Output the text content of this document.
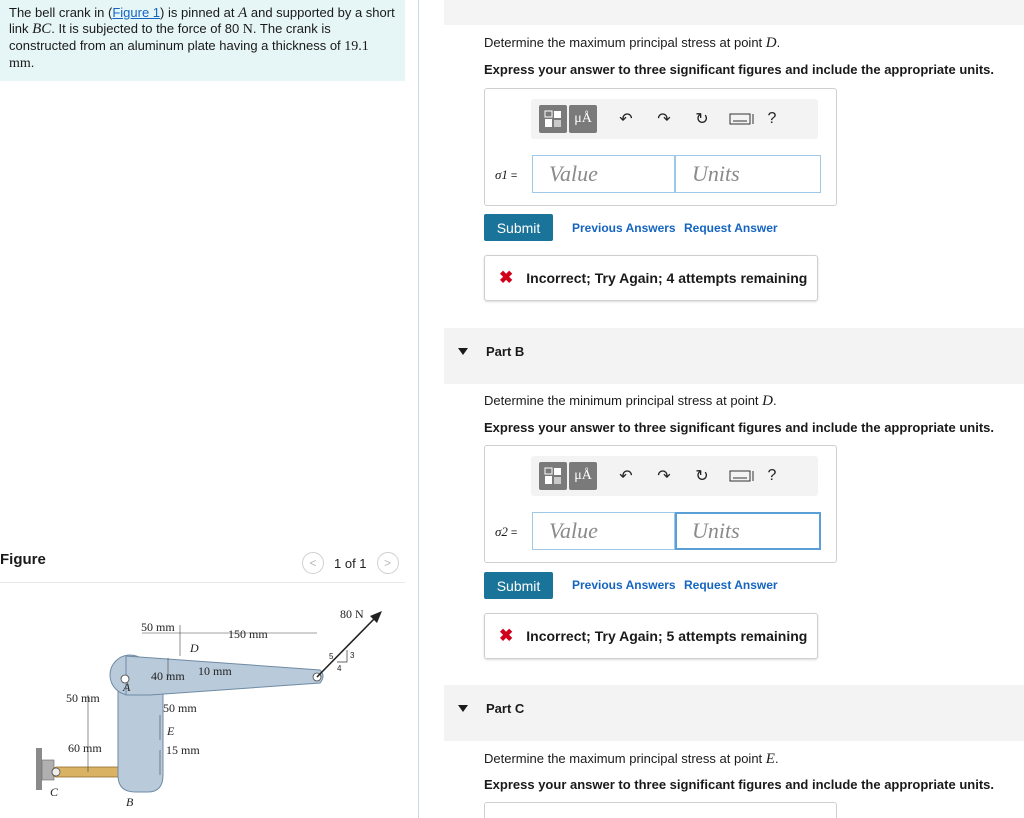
The bell crank in (Figure 1) is pinned at A and supported by a short link BC. It is subjected to the force of 80 N. The crank is constructed from an aluminum plate having a thickness of 19.1 mm.
Figure	<	1 of 1	>
80 N
50 mm	150 mm
D
40 mm 10 mm
A
50 mm
50 mm
E
60 mm	15 mm
C
B
5 3
4
Determine the maximum principal stress at point D.
Express your answer to three significant figures and include the appropriate units.
μÅ	↶ ↷ ↻	?
σ1 =	Value	Units
Submit	Previous Answers Request Answer
✖ Incorrect; Try Again; 4 attempts remaining
Part B
Determine the minimum principal stress at point D.
Express your answer to three significant figures and include the appropriate units.
μÅ	↶ ↷ ↻	?
σ2 =	Value	Units
Submit	Previous Answers Request Answer
✖ Incorrect; Try Again; 5 attempts remaining
Part C
Determine the maximum principal stress at point E.
Express your answer to three significant figures and include the appropriate units.
